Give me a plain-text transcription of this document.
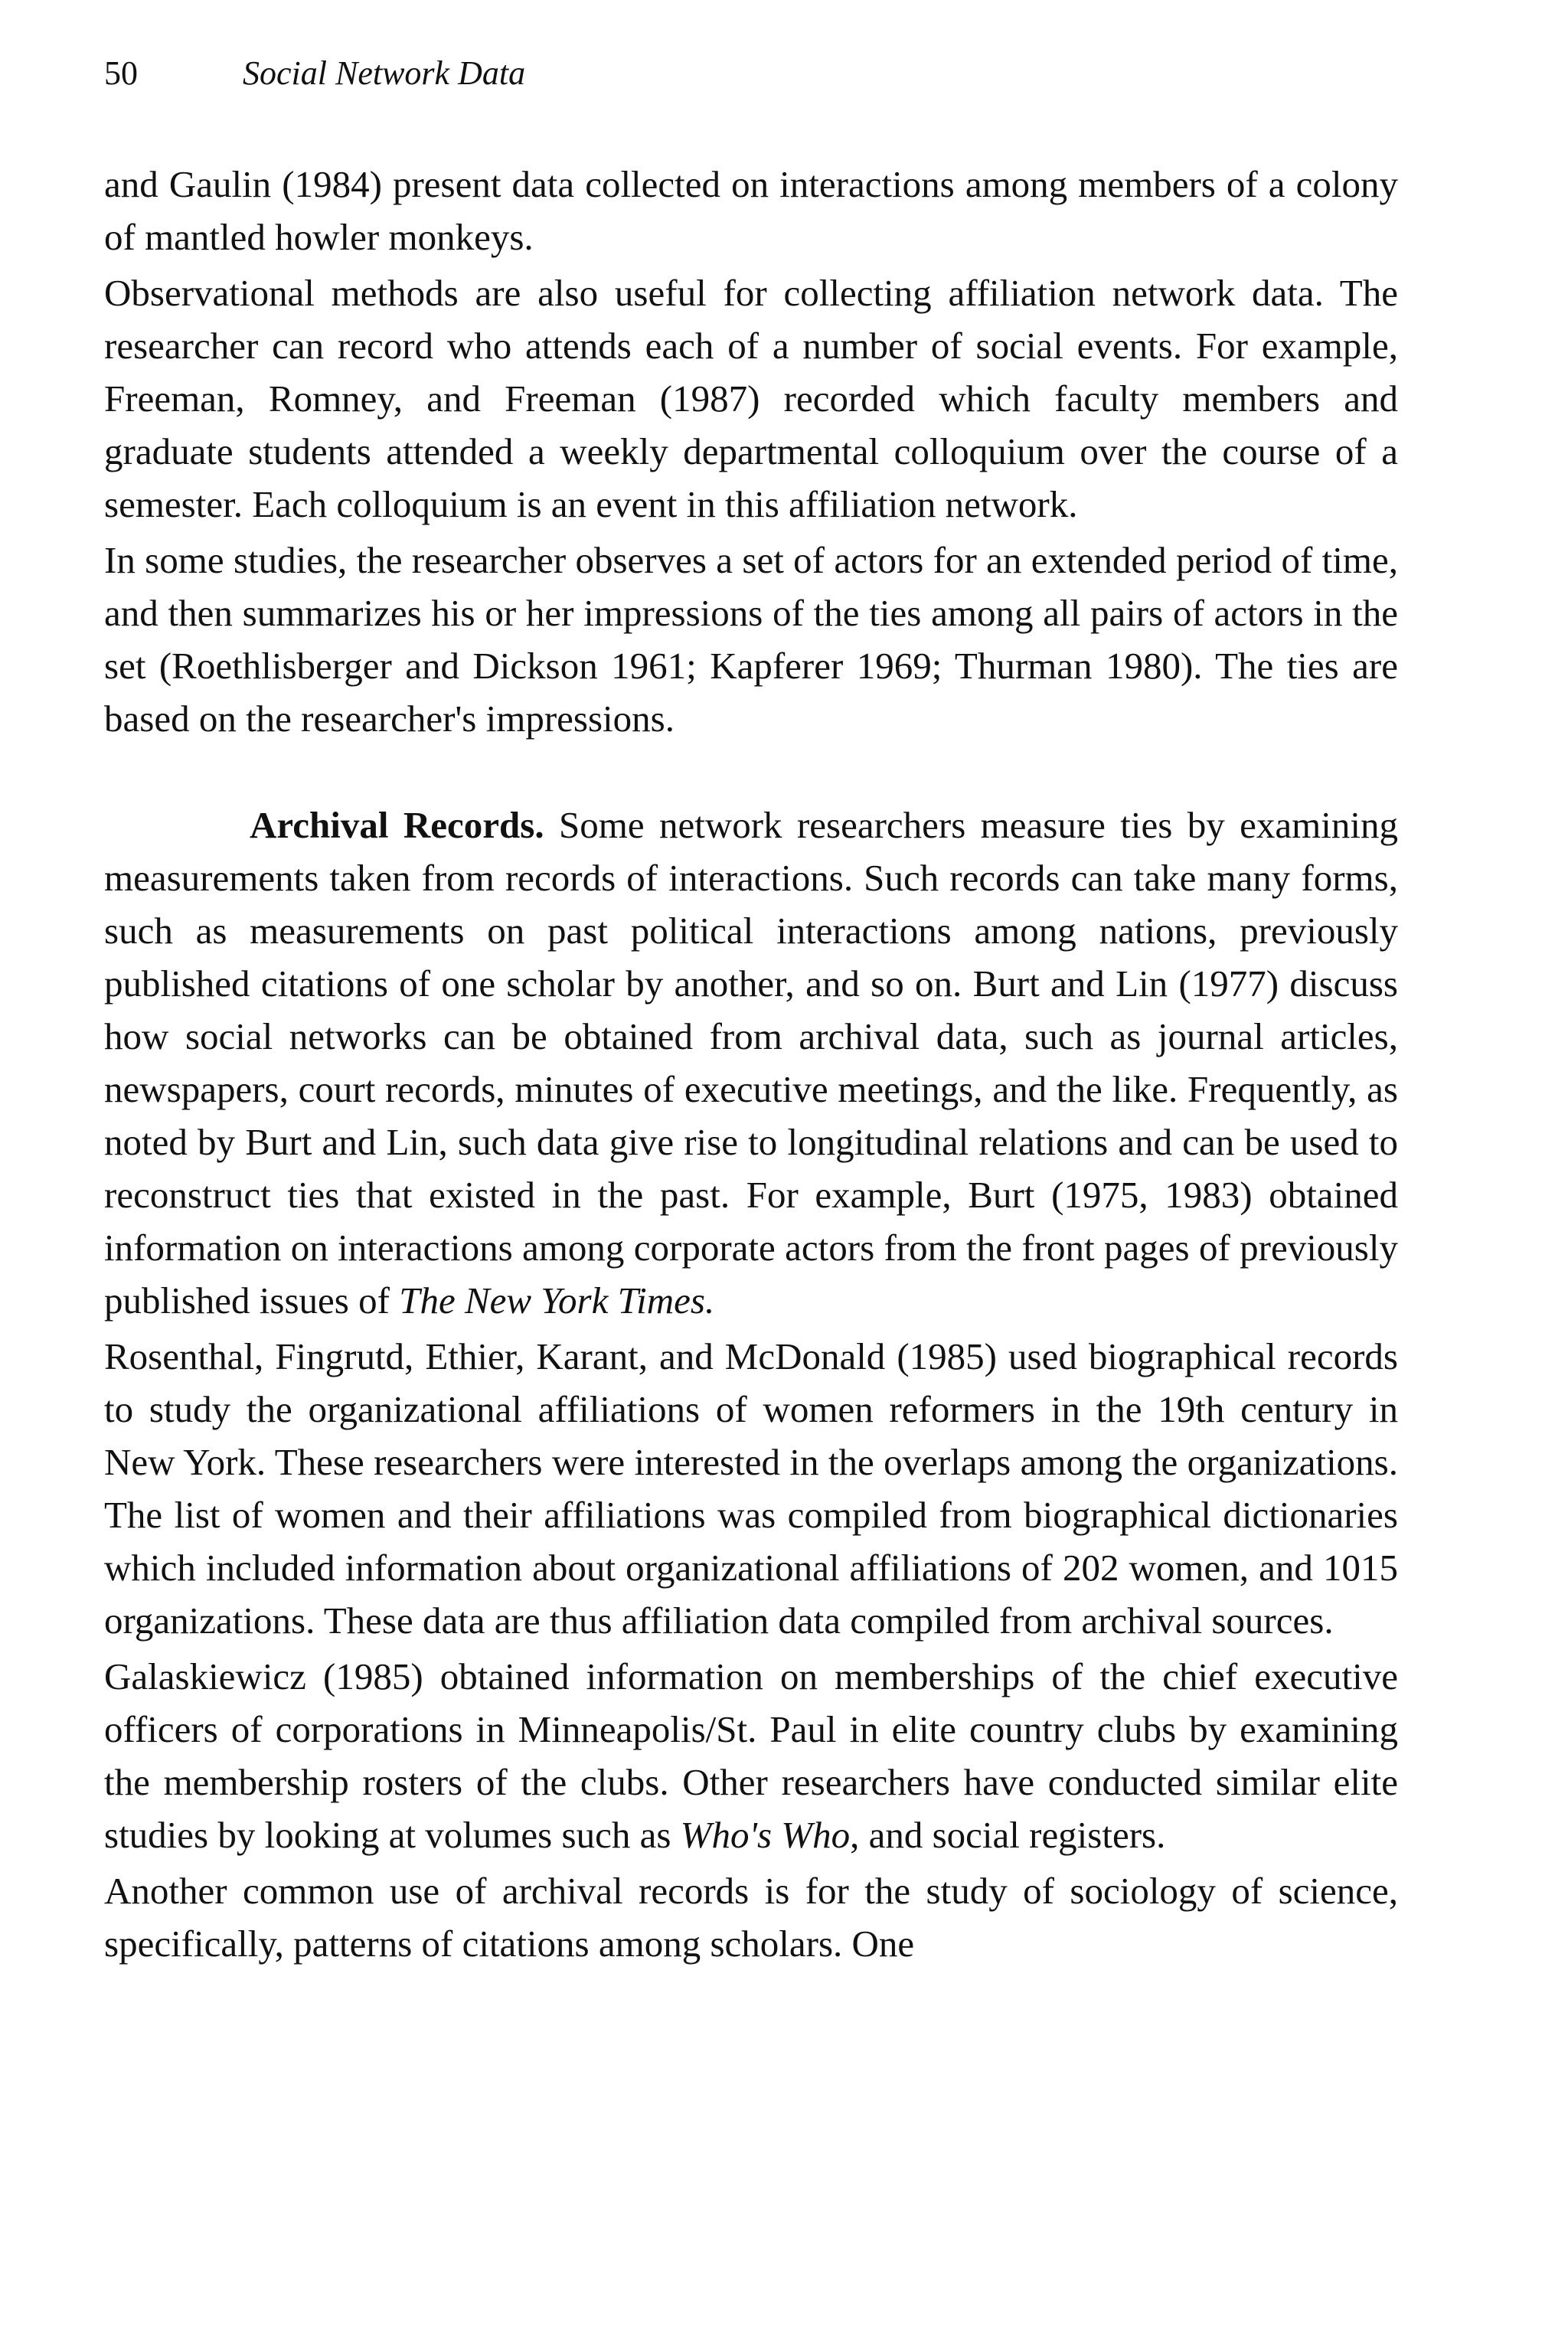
50	Social Network Data

and Gaulin (1984) present data collected on interactions among members of a colony of mantled howler monkeys.

Observational methods are also useful for collecting affiliation network data. The researcher can record who attends each of a number of social events. For example, Freeman, Romney, and Freeman (1987) recorded which faculty members and graduate students attended a weekly departmental colloquium over the course of a semester. Each colloquium is an event in this affiliation network.

In some studies, the researcher observes a set of actors for an extended period of time, and then summarizes his or her impressions of the ties among all pairs of actors in the set (Roethlisberger and Dickson 1961; Kapferer 1969; Thurman 1980). The ties are based on the researcher's impressions.

Archival Records. Some network researchers measure ties by examining measurements taken from records of interactions. Such records can take many forms, such as measurements on past political interactions among nations, previously published citations of one scholar by another, and so on. Burt and Lin (1977) discuss how social networks can be obtained from archival data, such as journal articles, newspapers, court records, minutes of executive meetings, and the like. Frequently, as noted by Burt and Lin, such data give rise to longitudinal relations and can be used to reconstruct ties that existed in the past. For example, Burt (1975, 1983) obtained information on interactions among corporate actors from the front pages of previously published issues of The New York Times.

Rosenthal, Fingrutd, Ethier, Karant, and McDonald (1985) used biographical records to study the organizational affiliations of women reformers in the 19th century in New York. These researchers were interested in the overlaps among the organizations. The list of women and their affiliations was compiled from biographical dictionaries which included information about organizational affiliations of 202 women, and 1015 organizations. These data are thus affiliation data compiled from archival sources.

Galaskiewicz (1985) obtained information on memberships of the chief executive officers of corporations in Minneapolis/St. Paul in elite country clubs by examining the membership rosters of the clubs. Other researchers have conducted similar elite studies by looking at volumes such as Who's Who, and social registers.

Another common use of archival records is for the study of sociology of science, specifically, patterns of citations among scholars. One
